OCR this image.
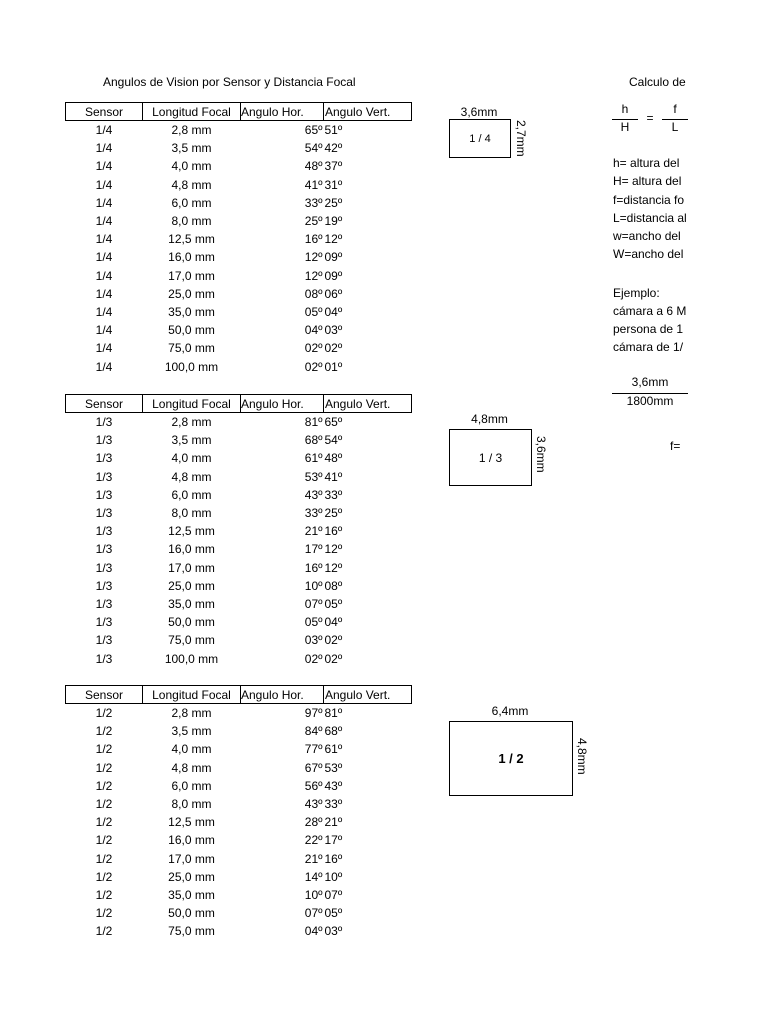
Angulos de Vision por Sensor y Distancia Focal	Calculo de
Sensor	Longitud Focal	Angulo Hor.	Angulo Vert.
1/4	2,8 mm	65º	51º
1/4	3,5 mm	54º	42º
1/4	4,0 mm	48º	37º
1/4	4,8 mm	41º	31º
1/4	6,0 mm	33º	25º
1/4	8,0 mm	25º	19º
1/4	12,5 mm	16º	12º
1/4	16,0 mm	12º	09º
1/4	17,0 mm	12º	09º
1/4	25,0 mm	08º	06º
1/4	35,0 mm	05º	04º
1/4	50,0 mm	04º	03º
1/4	75,0 mm	02º	02º
1/4	100,0 mm	02º	01º
Sensor	Longitud Focal	Angulo Hor.	Angulo Vert.
1/3	2,8 mm	81º	65º
1/3	3,5 mm	68º	54º
1/3	4,0 mm	61º	48º
1/3	4,8 mm	53º	41º
1/3	6,0 mm	43º	33º
1/3	8,0 mm	33º	25º
1/3	12,5 mm	21º	16º
1/3	16,0 mm	17º	12º
1/3	17,0 mm	16º	12º
1/3	25,0 mm	10º	08º
1/3	35,0 mm	07º	05º
1/3	50,0 mm	05º	04º
1/3	75,0 mm	03º	02º
1/3	100,0 mm	02º	02º
Sensor	Longitud Focal	Angulo Hor.	Angulo Vert.
1/2	2,8 mm	97º	81º
1/2	3,5 mm	84º	68º
1/2	4,0 mm	77º	61º
1/2	4,8 mm	67º	53º
1/2	6,0 mm	56º	43º
1/2	8,0 mm	43º	33º
1/2	12,5 mm	28º	21º
1/2	16,0 mm	22º	17º
1/2	17,0 mm	21º	16º
1/2	25,0 mm	14º	10º
1/2	35,0 mm	10º	07º
1/2	50,0 mm	07º	05º
1/2	75,0 mm	04º	03º
3,6mm
1 / 4 2,7mm
4,8mm
1 / 3	3,6mm
6,4mm
1 / 2	4,8mm
h
H
=
f
L
h= altura del
H= altura del
f=distancia fo
L=distancia al
w=ancho del
W=ancho del
Ejemplo:
cámara a 6 M
persona de 1
cámara de 1/
3,6mm
1800mm
f=
